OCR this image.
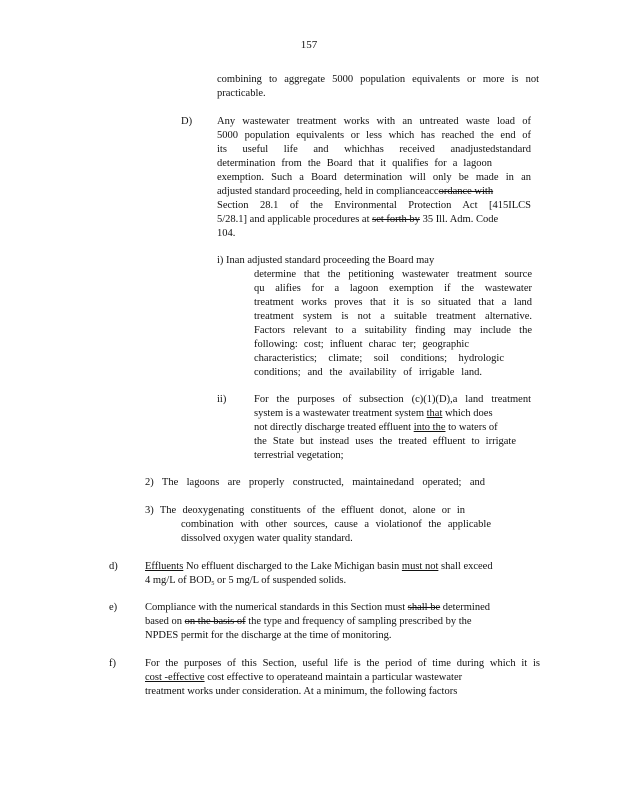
157
combining to aggregate 5000 population equivalents or more is not
practicable.
D) Any wastewater treatment works with an untreated waste load of
5000 population equivalents or less which has reached the end of
its useful life and whichhas received anadjustedstandard
determination from the Board that it qualifies for a lagoon
exemption. Such a Board determination will only be made in an
adjusted standard proceeding, held in complianceaccordance with
Section 28.1 of the Environmental Protection Act [415ILCS
5/28.1] and applicable procedures at set forth by 35 Ill. Adm. Code
104.
i) Inan adjusted standard proceeding the Board may
determine that the petitioning wastewater treatment source
qu alifies for a lagoon exemption if the wastewater
treatment works proves that it is so situated that a land
treatment system is not a suitable treatment alternative.
Factors relevant to a suitability finding may include the
following: cost; influent charac ter; geographic
characteristics; climate; soil conditions; hydrologic
conditions; and the availability of irrigable land.
ii)	For the purposes of subsection (c)(1)(D),a land treatment
system is a wastewater treatment system that which does
not directly discharge treated effluent into the to waters of
the State but instead uses the treated effluent to irrigate
terrestrial vegetation;
2) The lagoons are properly constructed, maintainedand operated; and
3) The deoxygenating constituents of the effluent donot, alone or in
combination with other sources, cause a violationof the applicable
dissolved oxygen water quality standard.
d)	Effluents No effluent discharged to the Lake Michigan basin must not shall exceed
4 mg/L of $BOD_5$ or 5 mg/L of suspended solids.
e)	Compliance with the numerical standards in this Section must shall be determined
based on on the basis of the type and frequency of sampling prescribed by the
NPDES permit for the discharge at the time of monitoring.
f)	For the purposes of this Section, useful life is the period of time during which it is
cost -effective cost effective to operateand maintain a particular wastewater
treatment works under consideration. At a minimum, the following factors
